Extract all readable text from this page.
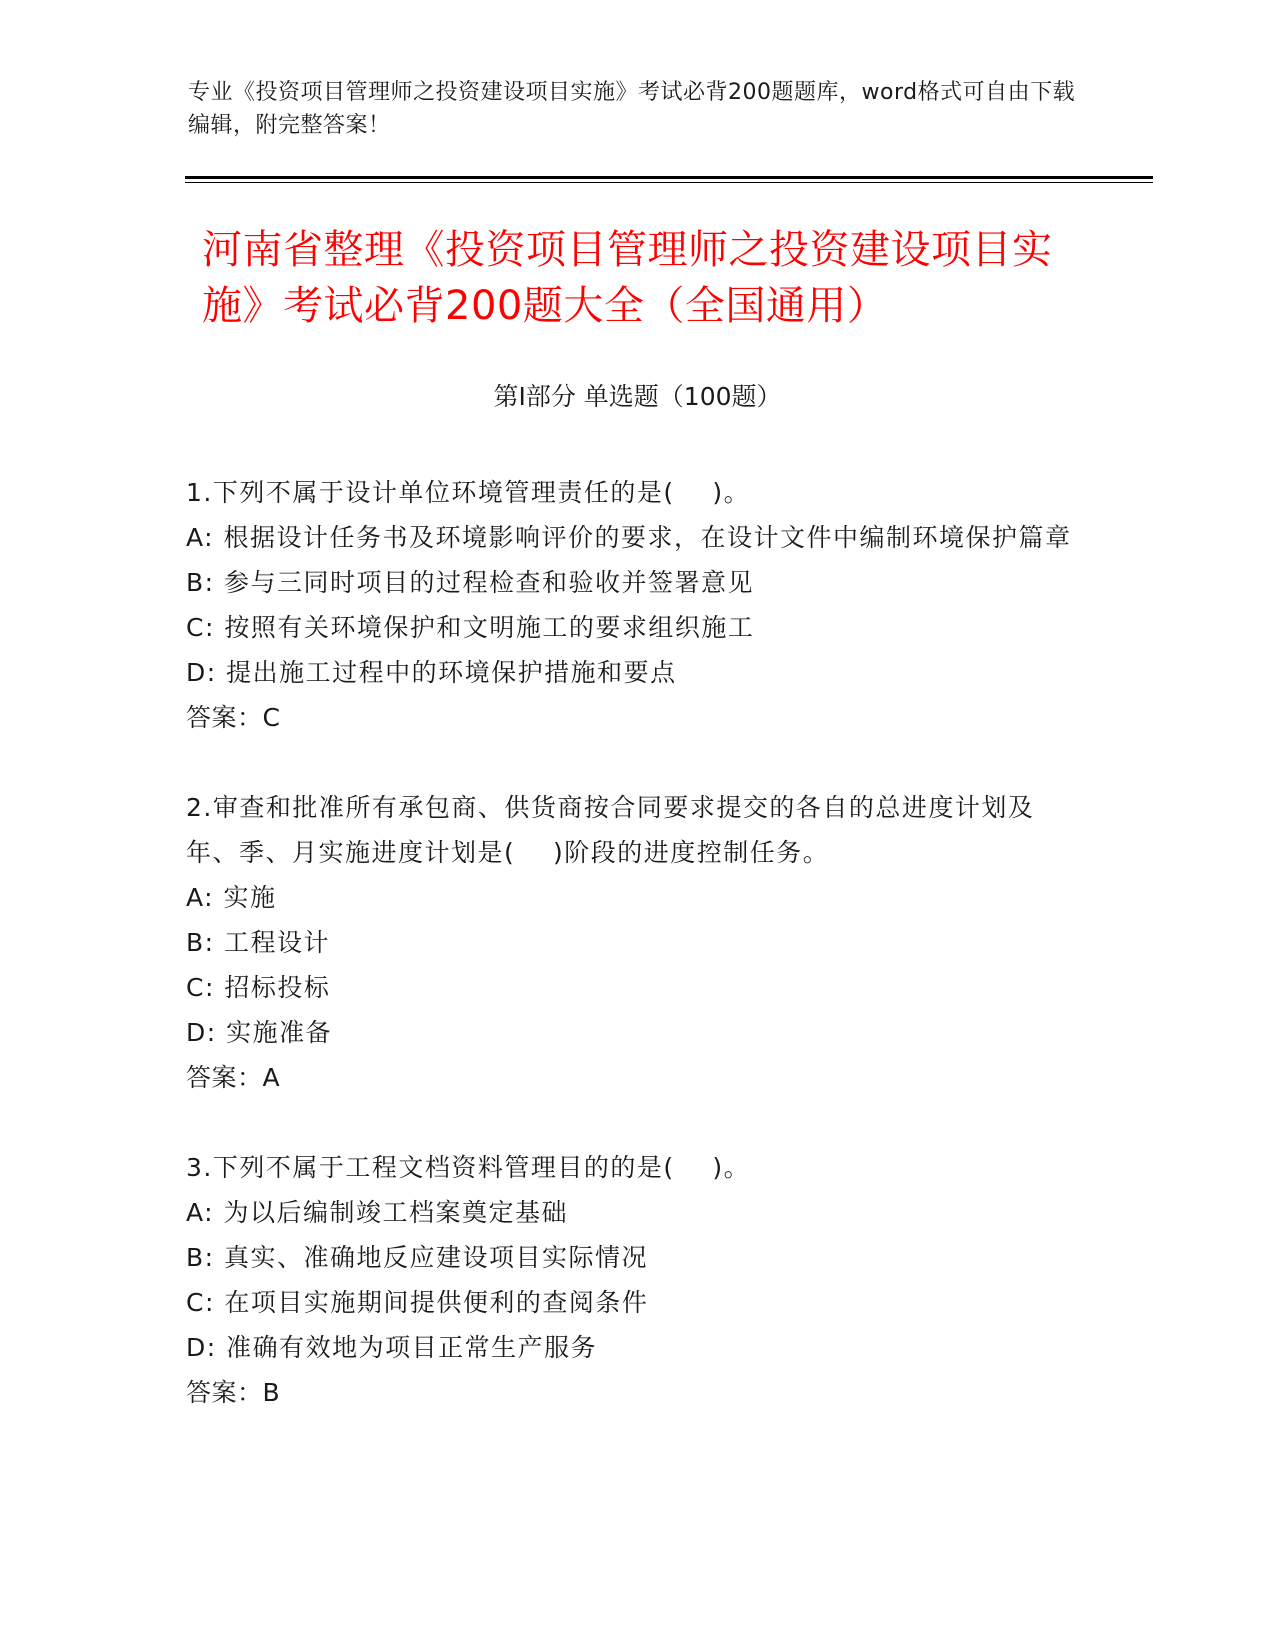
专业《投资项目管理师之投资建设项目实施》考试必背200题题库，word格式可自由下载编辑，附完整答案！
河南省整理《投资项目管理师之投资建设项目实施》考试必背200题大全（全国通用）
第Ⅰ部分 单选题（100题）
1.下列不属于设计单位环境管理责任的是(    )。
A: 根据设计任务书及环境影响评价的要求，在设计文件中编制环境保护篇章
B: 参与三同时项目的过程检查和验收并签署意见
C: 按照有关环境保护和文明施工的要求组织施工
D: 提出施工过程中的环境保护措施和要点
答案：C
2.审查和批准所有承包商、供货商按合同要求提交的各自的总进度计划及年、季、月实施进度计划是(    )阶段的进度控制任务。
A: 实施
B: 工程设计
C: 招标投标
D: 实施准备
答案：A
3.下列不属于工程文档资料管理目的的是(    )。
A: 为以后编制竣工档案奠定基础
B: 真实、准确地反应建设项目实际情况
C: 在项目实施期间提供便利的查阅条件
D: 准确有效地为项目正常生产服务
答案：B
